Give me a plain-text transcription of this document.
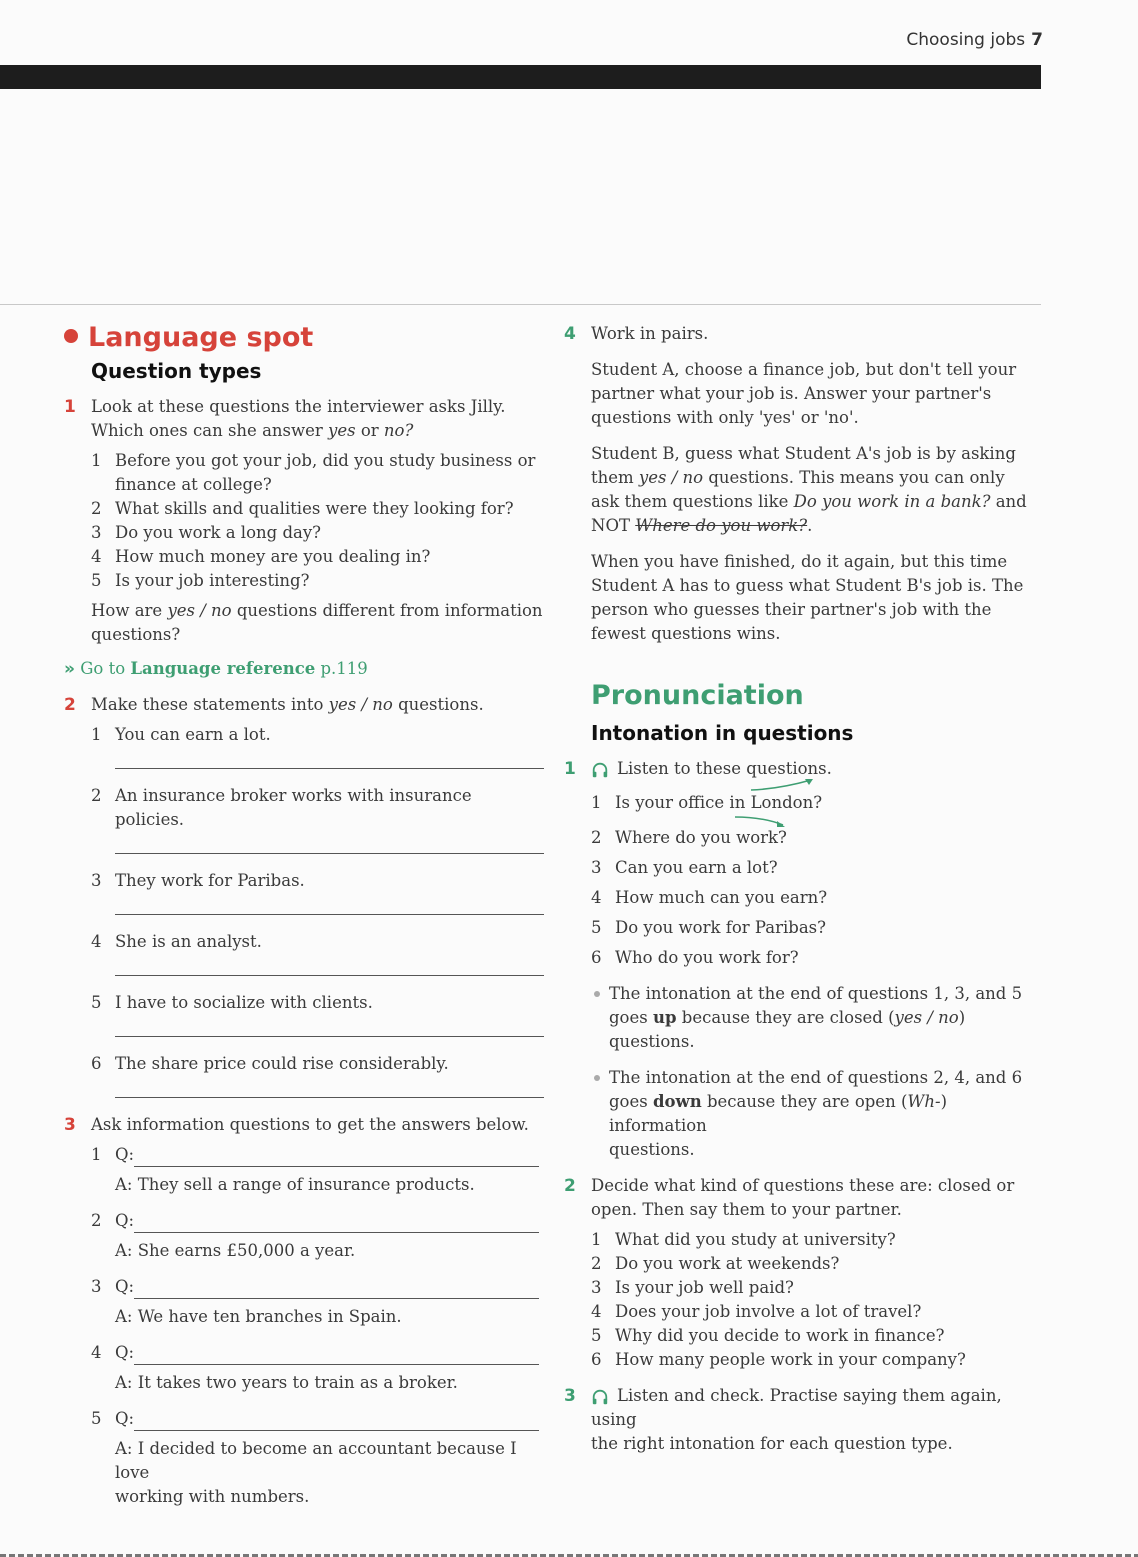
Choosing jobs 7
Language spot
Question types
1 Look at these questions the interviewer asks Jilly.
Which ones can she answer yes or no?
1 Before you got your job, did you study business or
finance at college?
2 What skills and qualities were they looking for?
3 Do you work a long day?
4 How much money are you dealing in?
5 Is your job interesting?
How are yes / no questions different from information
questions?
» Go to Language reference p.119
2 Make these statements into yes / no questions.
1 You can earn a lot.
2 An insurance broker works with insurance policies.
3 They work for Paribas.
4 She is an analyst.
5 I have to socialize with clients.
6 The share price could rise considerably.
3 Ask information questions to get the answers below.
1 Q:
A: They sell a range of insurance products.
2 Q:
A: She earns £50,000 a year.
3 Q:
A: We have ten branches in Spain.
4 Q:
A: It takes two years to train as a broker.
5 Q:
A: I decided to become an accountant because I love
working with numbers.
4 Work in pairs.
Student A, choose a finance job, but don't tell your
partner what your job is. Answer your partner's
questions with only 'yes' or 'no'.
Student B, guess what Student A's job is by asking
them yes / no questions. This means you can only
ask them questions like Do you work in a bank? and
NOT Where do you work?.
When you have finished, do it again, but this time
Student A has to guess what Student B's job is. The
person who guesses their partner's job with the
fewest questions wins.
Pronunciation
Intonation in questions
1	Listen to these questions.
1 Is your office in London?
2 Where do you work?
3 Can you earn a lot?
4 How much can you earn?
5 Do you work for Paribas?
6 Who do you work for?
The intonation at the end of questions 1, 3, and 5
goes up because they are closed (yes / no) questions.
The intonation at the end of questions 2, 4, and 6
goes down because they are open (Wh-) information
questions.
2 Decide what kind of questions these are: closed or
open. Then say them to your partner.
1 What did you study at university?
2 Do you work at weekends?
3 Is your job well paid?
4 Does your job involve a lot of travel?
5 Why did you decide to work in finance?
6 How many people work in your company?
3	Listen and check. Practise saying them again, using
the right intonation for each question type.
